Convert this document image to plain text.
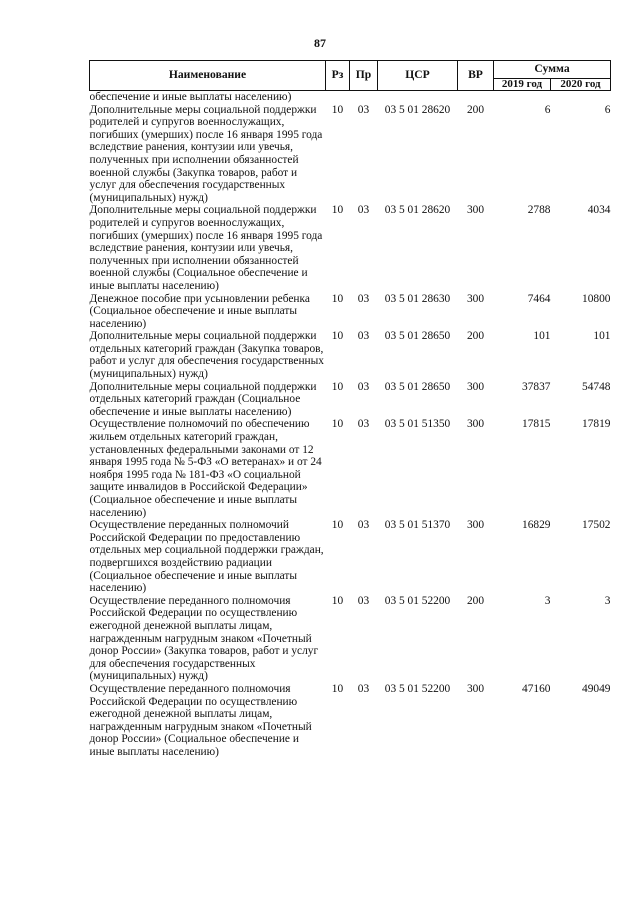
87
Наименование	Рз	Пр	ЦСР	ВР	Сумма	
					2019 год	2020 год
обеспечение и иные выплаты населению)						
Дополнительные меры социальной поддержки родителей и супругов военнослужащих, погибших (умерших) после 16 января 1995 года вследствие ранения, контузии или увечья, полученных при исполнении обязанностей военной службы (Закупка товаров, работ и услуг для обеспечения государственных (муниципальных) нужд)	10	03	03 5 01 28620	200	6	6
Дополнительные меры социальной поддержки родителей и супругов военнослужащих, погибших (умерших) после 16 января 1995 года вследствие ранения, контузии или увечья, полученных при исполнении обязанностей военной службы (Социальное обеспечение и иные выплаты населению)	10	03	03 5 01 28620	300	2788	4034
Денежное пособие при усыновлении ребенка (Социальное обеспечение и иные выплаты населению)	10	03	03 5 01 28630	300	7464	10800
Дополнительные меры социальной поддержки отдельных категорий граждан (Закупка товаров, работ и услуг для обеспечения государственных (муниципальных) нужд)	10	03	03 5 01 28650	200	101	101
Дополнительные меры социальной поддержки отдельных категорий граждан (Социальное обеспечение и иные выплаты населению)	10	03	03 5 01 28650	300	37837	54748
Осуществление полномочий по обеспечению жильем отдельных категорий граждан, установленных федеральными законами от 12 января 1995 года № 5-ФЗ «О ветеранах» и от 24 ноября 1995 года № 181-ФЗ «О социальной защите инвалидов в Российской Федерации» (Социальное обеспечение и иные выплаты населению)	10	03	03 5 01 51350	300	17815	17819
Осуществление переданных полномочий Российской Федерации по предоставлению отдельных мер социальной поддержки граждан, подвергшихся воздействию радиации (Социальное обеспечение и иные выплаты населению)	10	03	03 5 01 51370	300	16829	17502
Осуществление переданного полномочия Российской Федерации по осуществлению ежегодной денежной выплаты лицам, награжденным нагрудным знаком «Почетный донор России» (Закупка товаров, работ и услуг для обеспечения государственных (муниципальных) нужд)	10	03	03 5 01 52200	200	3	3
Осуществление переданного полномочия Российской Федерации по осуществлению ежегодной денежной выплаты лицам, награжденным нагрудным знаком «Почетный донор России» (Социальное обеспечение и иные выплаты населению)	10	03	03 5 01 52200	300	47160	49049
